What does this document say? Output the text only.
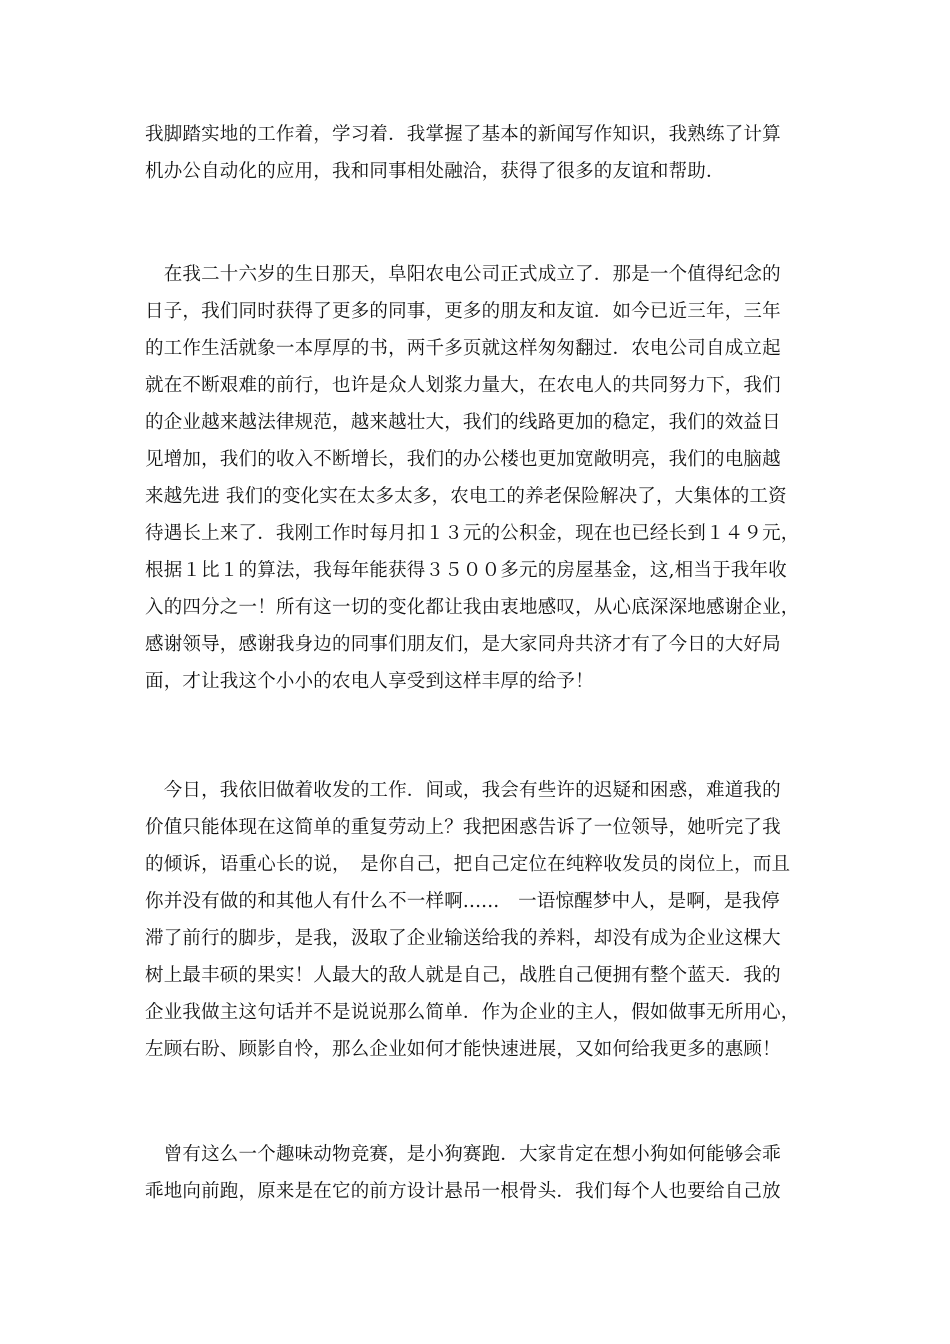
我脚踏实地的工作着，学习着．我掌握了基本的新闻写作知识，我熟练了计算
机办公自动化的应用，我和同事相处融洽，获得了很多的友谊和帮助．
　在我二十六岁的生日那天，阜阳农电公司正式成立了．那是一个值得纪念的
日子，我们同时获得了更多的同事，更多的朋友和友谊．如今已近三年，三年
的工作生活就象一本厚厚的书，两千多页就这样匆匆翻过．农电公司自成立起
就在不断艰难的前行，也许是众人划浆力量大，在农电人的共同努力下，我们
的企业越来越法律规范，越来越壮大，我们的线路更加的稳定，我们的效益日
见增加，我们的收入不断增长，我们的办公楼也更加宽敞明亮，我们的电脑越
来越先进 我们的变化实在太多太多，农电工的养老保险解决了，大集体的工资
待遇长上来了．我刚工作时每月扣１３元的公积金，现在也已经长到１４９元，
根据１比１的算法，我每年能获得３５００多元的房屋基金，这,相当于我年收
入的四分之一！所有这一切的变化都让我由衷地感叹，从心底深深地感谢企业，
感谢领导，感谢我身边的同事们朋友们，是大家同舟共济才有了今日的大好局
面，才让我这个小小的农电人享受到这样丰厚的给予！
　今日，我依旧做着收发的工作．间或，我会有些许的迟疑和困惑，难道我的
价值只能体现在这简单的重复劳动上？我把困惑告诉了一位领导，她听完了我
的倾诉，语重心长的说，　是你自己，把自己定位在纯粹收发员的岗位上，而且
你并没有做的和其他人有什么不一样啊......　一语惊醒梦中人，是啊，是我停
滞了前行的脚步，是我，汲取了企业输送给我的养料，却没有成为企业这棵大
树上最丰硕的果实！人最大的敌人就是自己，战胜自己便拥有整个蓝天．我的
企业我做主这句话并不是说说那么简单．作为企业的主人，假如做事无所用心，
左顾右盼、顾影自怜，那么企业如何才能快速进展，又如何给我更多的惠顾！
　曾有这么一个趣味动物竞赛，是小狗赛跑．大家肯定在想小狗如何能够会乖
乖地向前跑，原来是在它的前方设计悬吊一根骨头．我们每个人也要给自己放
